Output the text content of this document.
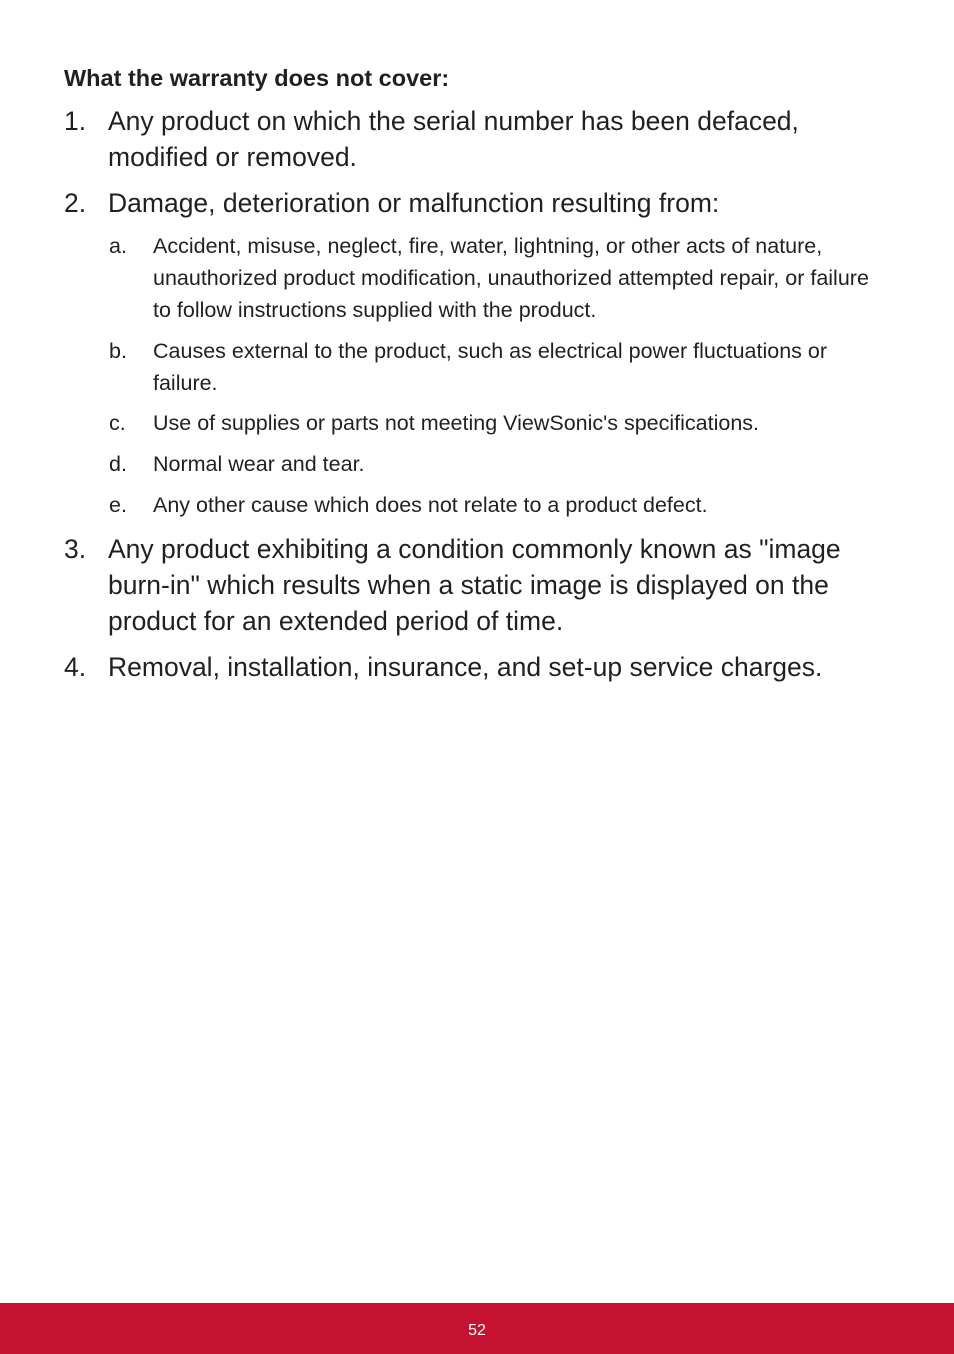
What the warranty does not cover:
1. Any product on which the serial number has been defaced, modified or removed.
2. Damage, deterioration or malfunction resulting from:
a. Accident, misuse, neglect, fire, water, lightning, or other acts of nature, unauthorized product modification, unauthorized attempted repair, or failure to follow instructions supplied with the product.
b. Causes external to the product, such as electrical power fluctuations or failure.
c. Use of supplies or parts not meeting ViewSonic's specifications.
d. Normal wear and tear.
e. Any other cause which does not relate to a product defect.
3. Any product exhibiting a condition commonly known as "image burn-in" which results when a static image is displayed on the product for an extended period of time.
4. Removal, installation, insurance, and set-up service charges.
52
